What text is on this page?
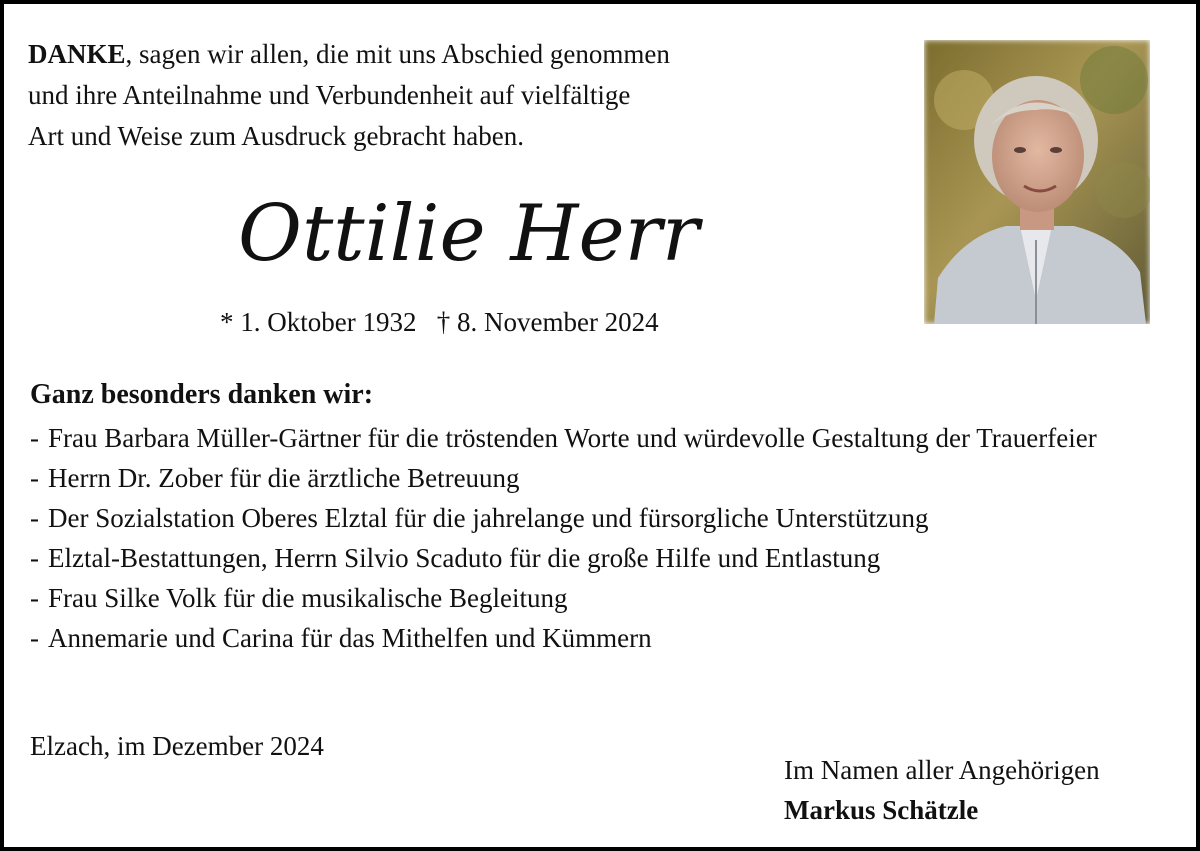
DANKE, sagen wir allen, die mit uns Abschied genommen
und ihre Anteilnahme und Verbundenheit auf vielfältige
Art und Weise zum Ausdruck gebracht haben.
Ottilie Herr
* 1. Oktober 1932   † 8. November 2024
Ganz besonders danken wir:
- Frau Barbara Müller-Gärtner für die tröstenden Worte und würdevolle Gestaltung der Trauerfeier
- Herrn Dr. Zober für die ärztliche Betreuung
- Der Sozialstation Oberes Elztal für die jahrelange und fürsorgliche Unterstützung
- Elztal-Bestattungen, Herrn Silvio Scaduto für die große Hilfe und Entlastung
- Frau Silke Volk für die musikalische Begleitung
- Annemarie und Carina für das Mithelfen und Kümmern
Elzach, im Dezember 2024
Im Namen aller Angehörigen
Markus Schätzle
